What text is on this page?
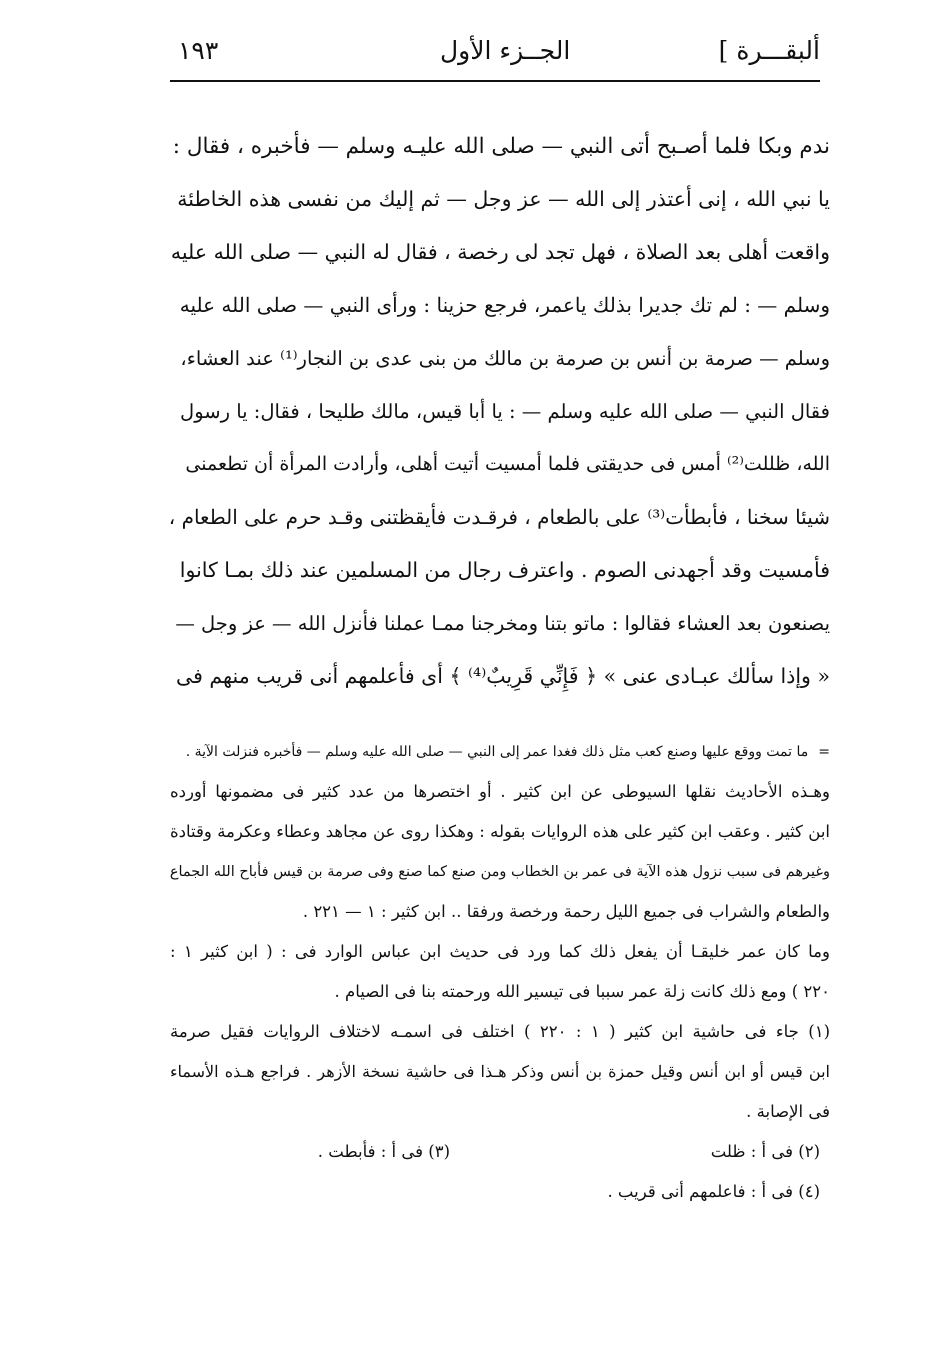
١٩٣	الجــزء الأول	ألبقـــرة ]
ندم وبكا فلما أصـبح أتى النبي — صلى الله عليـه وسلم — فأخبره ، فقال :
يا نبي الله ، إنى أعتذر إلى الله — عز وجل — ثم إليك من نفسى هذه الخاطئة
واقعت أهلى بعد الصلاة ، فهل تجد لى رخصة ، فقال له النبي — صلى الله عليه
وسلم — : لم تك جديرا بذلك ياعمر، فرجع حزينا : ورأى النبي — صلى الله عليه
وسلم — صرمة بن أنس بن صرمة بن مالك من بنى عدى بن النجار⁽¹⁾ عند العشاء،
فقال النبي — صلى الله عليه وسلم — : يا أبا قيس، مالك طليحا ، فقال: يا رسول
الله، ظللت⁽²⁾ أمس فى حديقتى فلما أمسيت أتيت أهلى، وأرادت المرأة أن تطعمنى
شيئا سخنا ، فأبطأت⁽³⁾ على بالطعام ، فرقـدت فأيقظتنى وقـد حرم على الطعام ،
فأمسيت وقد أجهدنى الصوم . واعترف رجال من المسلمين عند ذلك بمـا كانوا
يصنعون بعد العشاء فقالوا : ماتو بتنا ومخرجنا ممـا عملنا فأنزل الله — عز وجل —
« وإذا سألك عبـادى عنى » ﴿ فَإِنِّي قَرِيبٌ⁽⁴⁾ ﴾ أى فأعلمهم أنى قريب منهم فى
=ما تمت ووقع عليها وصنع كعب مثل ذلك فغدا عمر إلى النبي — صلى الله عليه وسلم — فأخبره فنزلت الآية .
وهـذه الأحاديث نقلها السيوطى عن ابن كثير . أو اختصرها من عدد كثير فى مضمونها أورده
ابن كثير . وعقب ابن كثير على هذه الروايات بقوله : وهكذا روى عن مجاهد وعطاء وعكرمة وقتادة
وغيرهم فى سبب نزول هذه الآية فى عمر بن الخطاب ومن صنع كما صنع وفى صرمة بن قيس فأباح الله الجماع
والطعام والشراب فى جميع الليل رحمة ورخصة ورفقا .. ابن كثير : ١ — ٢٢١ .
وما كان عمر خليقـا أن يفعل ذلك كما ورد فى حديث ابن عباس الوارد فى : ( ابن كثير ١ :
٢٢٠ ) ومع ذلك كانت زلة عمر سببا فى تيسير الله ورحمته بنا فى الصيام .
(١) جاء فى حاشية ابن كثير ( ١ : ٢٢٠ ) اختلف فى اسمـه لاختلاف الروايات فقيل صرمة
ابن قيس أو ابن أنس وقيل حمزة بن أنس وذكر هـذا فى حاشية نسخة الأزهر . فراجع هـذه الأسماء
فى الإصابة .
(٢) فى أ : ظلت
(٣) فى أ : فأبطت .
(٤) فى أ : فاعلمهم أنى قريب .
